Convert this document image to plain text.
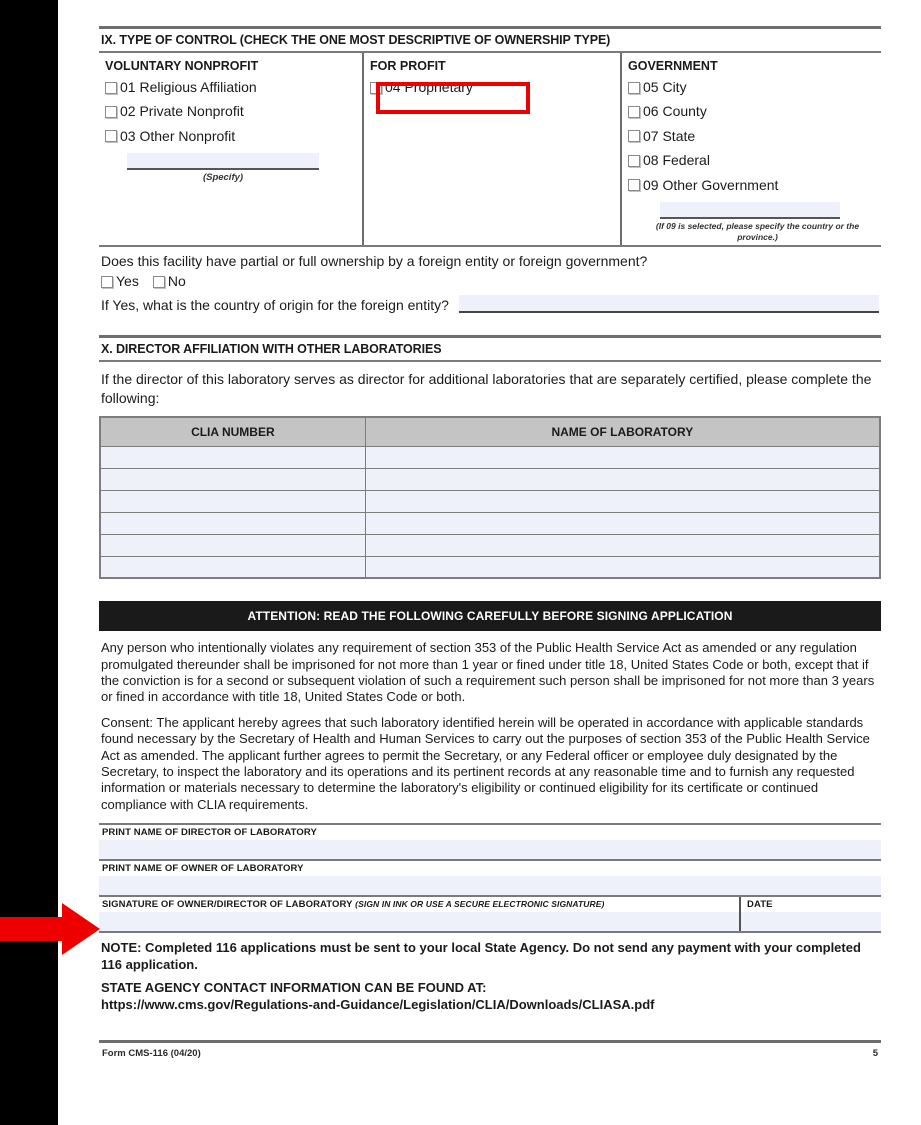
IX. TYPE OF CONTROL (CHECK THE ONE MOST DESCRIPTIVE OF OWNERSHIP TYPE)
VOLUNTARY NONPROFIT
01 Religious Affiliation
02 Private Nonprofit
03 Other Nonprofit
(Specify)
FOR PROFIT
04 Proprietary
GOVERNMENT
05 City
06 County
07 State
08 Federal
09 Other Government
(If 09 is selected, please specify the country or the province.)
Does this facility have partial or full ownership by a foreign entity or foreign government?
Yes No
If Yes, what is the country of origin for the foreign entity?
X. DIRECTOR AFFILIATION WITH OTHER LABORATORIES
If the director of this laboratory serves as director for additional laboratories that are separately certified, please complete the following:
CLIA NUMBER	NAME OF LABORATORY

ATTENTION: READ THE FOLLOWING CAREFULLY BEFORE SIGNING APPLICATION
Any person who intentionally violates any requirement of section 353 of the Public Health Service Act as amended or any regulation promulgated thereunder shall be imprisoned for not more than 1 year or fined under title 18, United States Code or both, except that if the conviction is for a second or subsequent violation of such a requirement such person shall be imprisoned for not more than 3 years or fined in accordance with title 18, United States Code or both.
Consent: The applicant hereby agrees that such laboratory identified herein will be operated in accordance with applicable standards found necessary by the Secretary of Health and Human Services to carry out the purposes of section 353 of the Public Health Service Act as amended. The applicant further agrees to permit the Secretary, or any Federal officer or employee duly designated by the Secretary, to inspect the laboratory and its operations and its pertinent records at any reasonable time and to furnish any requested information or materials necessary to determine the laboratory's eligibility or continued eligibility for its certificate or continued compliance with CLIA requirements.
PRINT NAME OF DIRECTOR OF LABORATORY
PRINT NAME OF OWNER OF LABORATORY
SIGNATURE OF OWNER/DIRECTOR OF LABORATORY (SIGN IN INK OR USE A SECURE ELECTRONIC SIGNATURE)	DATE
NOTE: Completed 116 applications must be sent to your local State Agency. Do not send any payment with your completed 116 application.
STATE AGENCY CONTACT INFORMATION CAN BE FOUND AT:
https://www.cms.gov/Regulations-and-Guidance/Legislation/CLIA/Downloads/CLIASA.pdf
Form CMS-116 (04/20)	5
